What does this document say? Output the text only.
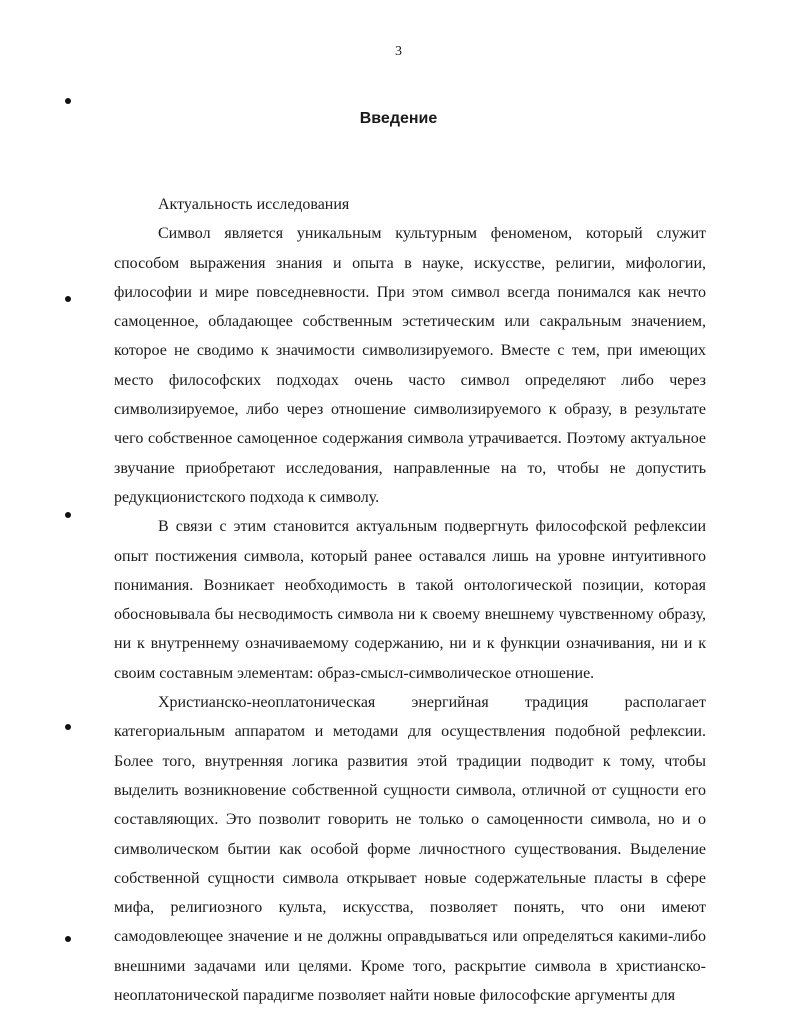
3
Введение

Актуальность исследования

Символ является уникальным культурным феноменом, который служит способом выражения знания и опыта в науке, искусстве, религии, мифологии, философии и мире повседневности. При этом символ всегда понимался как нечто самоценное, обладающее собственным эстетическим или сакральным значением, которое не сводимо к значимости символизируемого. Вместе с тем, при имеющих место философских подходах очень часто символ определяют либо через символизируемое, либо через отношение символизируемого к образу, в результате чего собственное самоценное содержания символа утрачивается. Поэтому актуальное звучание приобретают исследования, направленные на то, чтобы не допустить редукционистского подхода к символу.

В связи с этим становится актуальным подвергнуть философской рефлексии опыт постижения символа, который ранее оставался лишь на уровне интуитивного понимания. Возникает необходимость в такой онтологической позиции, которая обосновывала бы несводимость символа ни к своему внешнему чувственному образу, ни к внутреннему означиваемому содержанию, ни и к функции означивания, ни и к своим составным элементам: образ-смысл-символическое отношение.

Христианско-неоплатоническая энергийная традиция располагает категориальным аппаратом и методами для осуществления подобной рефлексии. Более того, внутренняя логика развития этой традиции подводит к тому, чтобы выделить возникновение собственной сущности символа, отличной от сущности его составляющих. Это позволит говорить не только о самоценности символа, но и о символическом бытии как особой форме личностного существования. Выделение собственной сущности символа открывает новые содержательные пласты в сфере мифа, религиозного культа, искусства, позволяет понять, что они имеют самодовлеющее значение и не должны оправдываться или определяться какими-либо внешними задачами или целями. Кроме того, раскрытие символа в христианско-неоплатонической парадигме позволяет найти новые философские аргументы для
